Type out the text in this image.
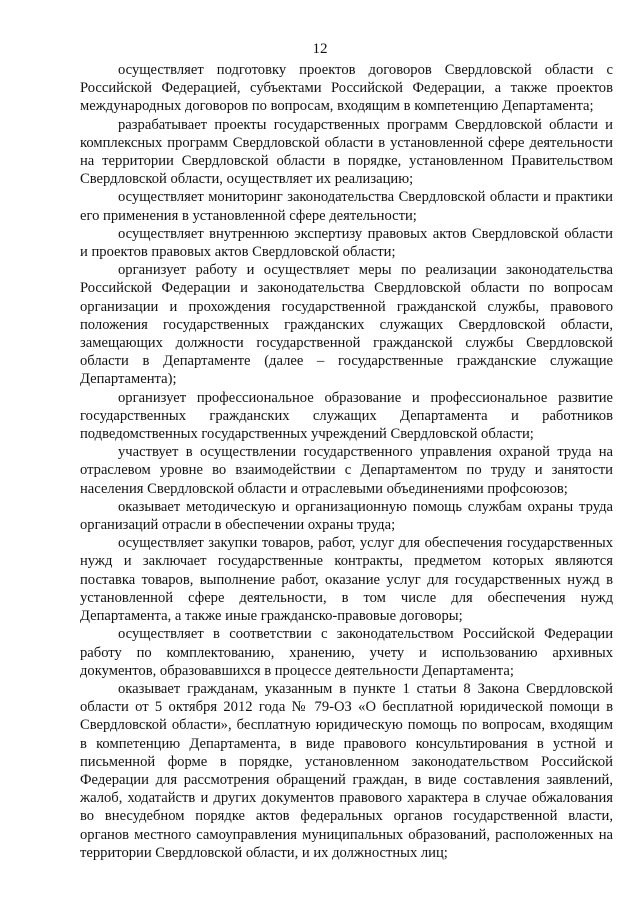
12

осуществляет подготовку проектов договоров Свердловской области с Российской Федерацией, субъектами Российской Федерации, а также проектов международных договоров по вопросам, входящим в компетенцию Департамента;

разрабатывает проекты государственных программ Свердловской области и комплексных программ Свердловской области в установленной сфере деятельности на территории Свердловской области в порядке, установленном Правительством Свердловской области, осуществляет их реализацию;

осуществляет мониторинг законодательства Свердловской области и практики его применения в установленной сфере деятельности;

осуществляет внутреннюю экспертизу правовых актов Свердловской области и проектов правовых актов Свердловской области;

организует работу и осуществляет меры по реализации законодательства Российской Федерации и законодательства Свердловской области по вопросам организации и прохождения государственной гражданской службы, правового положения государственных гражданских служащих Свердловской области, замещающих должности государственной гражданской службы Свердловской области в Департаменте (далее – государственные гражданские служащие Департамента);

организует профессиональное образование и профессиональное развитие государственных гражданских служащих Департамента и работников подведомственных государственных учреждений Свердловской области;

участвует в осуществлении государственного управления охраной труда на отраслевом уровне во взаимодействии с Департаментом по труду и занятости населения Свердловской области и отраслевыми объединениями профсоюзов;

оказывает методическую и организационную помощь службам охраны труда организаций отрасли в обеспечении охраны труда;

осуществляет закупки товаров, работ, услуг для обеспечения государственных нужд и заключает государственные контракты, предметом которых являются поставка товаров, выполнение работ, оказание услуг для государственных нужд в установленной сфере деятельности, в том числе для обеспечения нужд Департамента, а также иные гражданско-правовые договоры;

осуществляет в соответствии с законодательством Российской Федерации работу по комплектованию, хранению, учету и использованию архивных документов, образовавшихся в процессе деятельности Департамента;

оказывает гражданам, указанным в пункте 1 статьи 8 Закона Свердловской области от 5 октября 2012 года № 79-ОЗ «О бесплатной юридической помощи в Свердловской области», бесплатную юридическую помощь по вопросам, входящим в компетенцию Департамента, в виде правового консультирования в устной и письменной форме в порядке, установленном законодательством Российской Федерации для рассмотрения обращений граждан, в виде составления заявлений, жалоб, ходатайств и других документов правового характера в случае обжалования во внесудебном порядке актов федеральных органов государственной власти, органов местного самоуправления муниципальных образований, расположенных на территории Свердловской области, и их должностных лиц;
